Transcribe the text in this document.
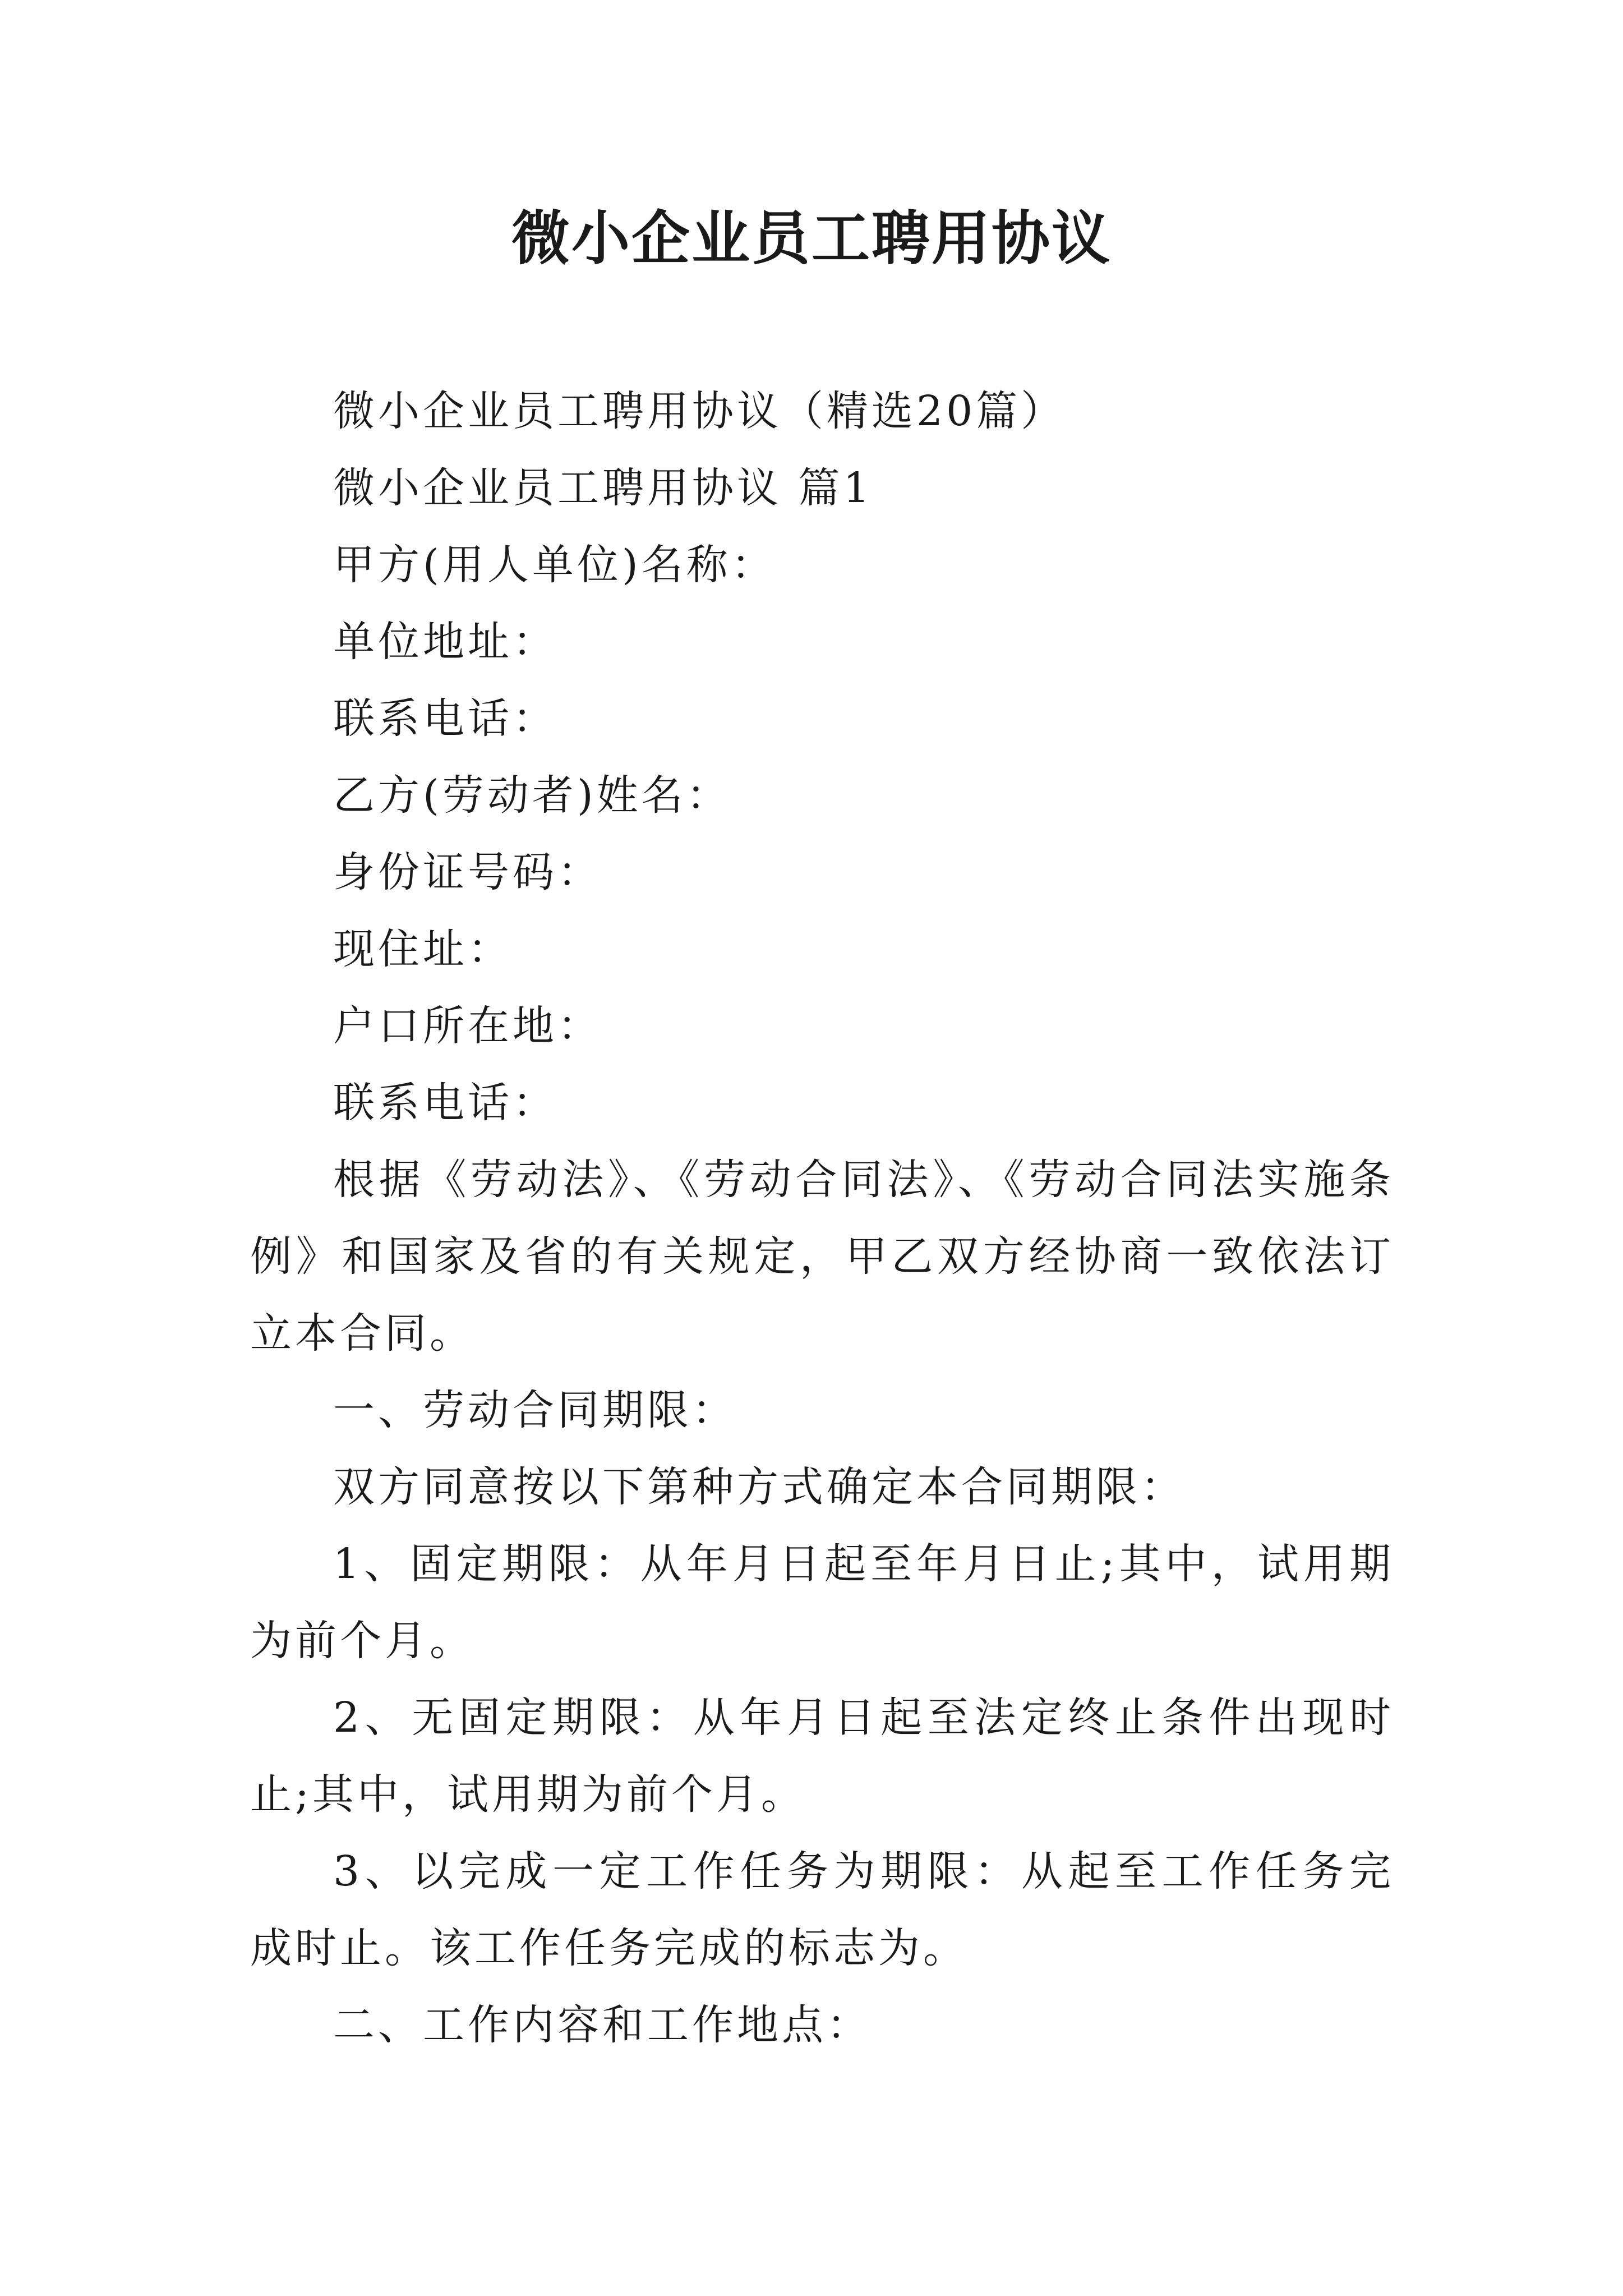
微小企业员工聘用协议

微小企业员工聘用协议（精选20篇）

微小企业员工聘用协议 篇1

甲方(用人单位)名称：

单位地址：

联系电话：

乙方(劳动者)姓名：

身份证号码：

现住址：

户口所在地：

联系电话：

根据《劳动法》、《劳动合同法》、《劳动合同法实施条例》和国家及省的有关规定，甲乙双方经协商一致依法订立本合同。

一、劳动合同期限：

双方同意按以下第种方式确定本合同期限：

1、固定期限：从年月日起至年月日止;其中，试用期为前个月。

2、无固定期限：从年月日起至法定终止条件出现时止;其中，试用期为前个月。

3、以完成一定工作任务为期限：从起至工作任务完成时止。该工作任务完成的标志为。

二、工作内容和工作地点：
